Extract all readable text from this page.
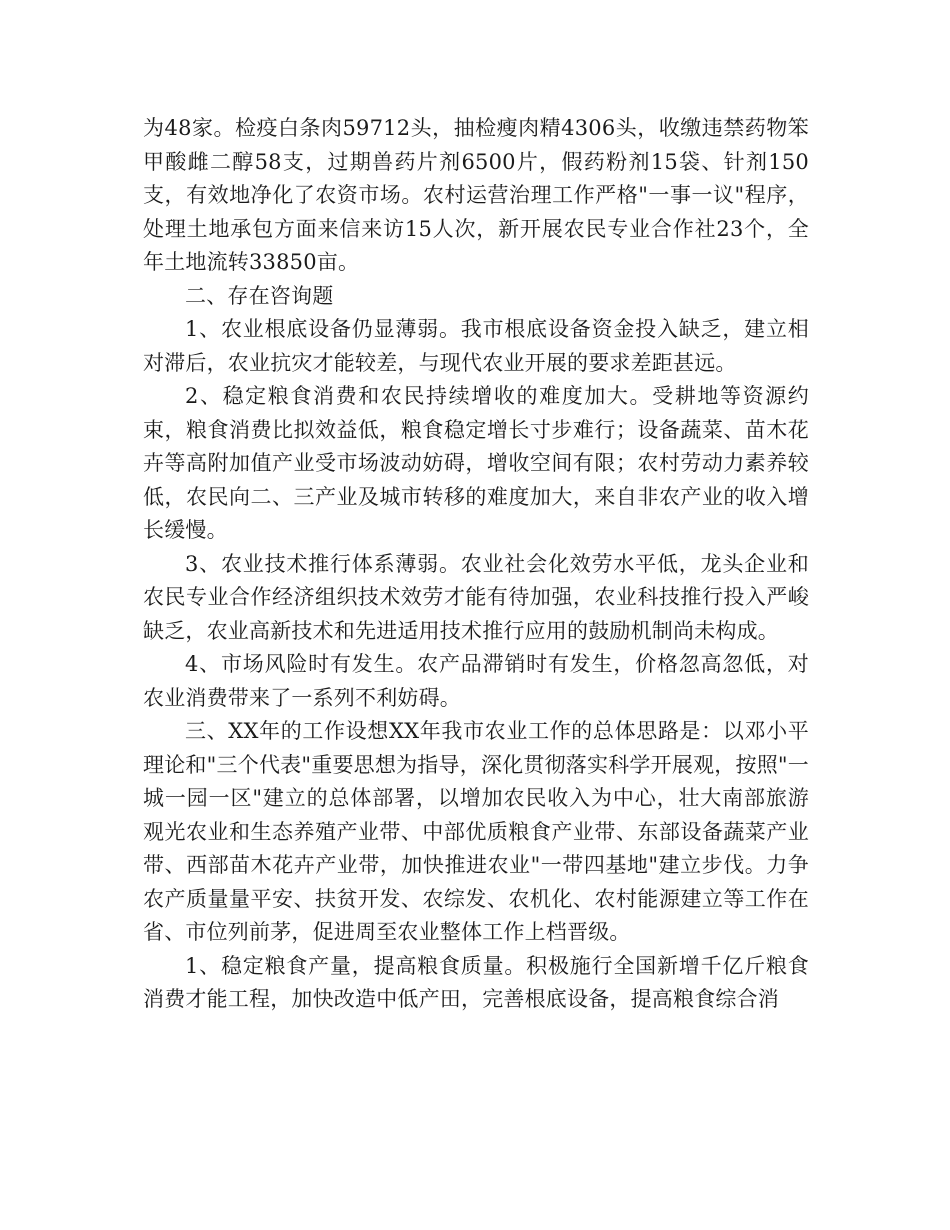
为48家。检疫白条肉59712头，抽检瘦肉精4306头，收缴违禁药物笨甲酸雌二醇58支，过期兽药片剂6500片，假药粉剂15袋、针剂150支，有效地净化了农资市场。农村运营治理工作严格"一事一议"程序，处理土地承包方面来信来访15人次，新开展农民专业合作社23个，全年土地流转33850亩。

二、存在咨询题

1、农业根底设备仍显薄弱。我市根底设备资金投入缺乏，建立相对滞后，农业抗灾才能较差，与现代农业开展的要求差距甚远。

2、稳定粮食消费和农民持续增收的难度加大。受耕地等资源约束，粮食消费比拟效益低，粮食稳定增长寸步难行；设备蔬菜、苗木花卉等高附加值产业受市场波动妨碍，增收空间有限；农村劳动力素养较低，农民向二、三产业及城市转移的难度加大，来自非农产业的收入增长缓慢。

3、农业技术推行体系薄弱。农业社会化效劳水平低，龙头企业和农民专业合作经济组织技术效劳才能有待加强，农业科技推行投入严峻缺乏，农业高新技术和先进适用技术推行应用的鼓励机制尚未构成。

4、市场风险时有发生。农产品滞销时有发生，价格忽高忽低，对农业消费带来了一系列不利妨碍。

三、XX年的工作设想XX年我市农业工作的总体思路是：以邓小平理论和"三个代表"重要思想为指导，深化贯彻落实科学开展观，按照"一城一园一区"建立的总体部署，以增加农民收入为中心，壮大南部旅游观光农业和生态养殖产业带、中部优质粮食产业带、东部设备蔬菜产业带、西部苗木花卉产业带，加快推进农业"一带四基地"建立步伐。力争农产质量量平安、扶贫开发、农综发、农机化、农村能源建立等工作在省、市位列前茅，促进周至农业整体工作上档晋级。

1、稳定粮食产量，提高粮食质量。积极施行全国新增千亿斤粮食消费才能工程，加快改造中低产田，完善根底设备，提高粮食综合消
